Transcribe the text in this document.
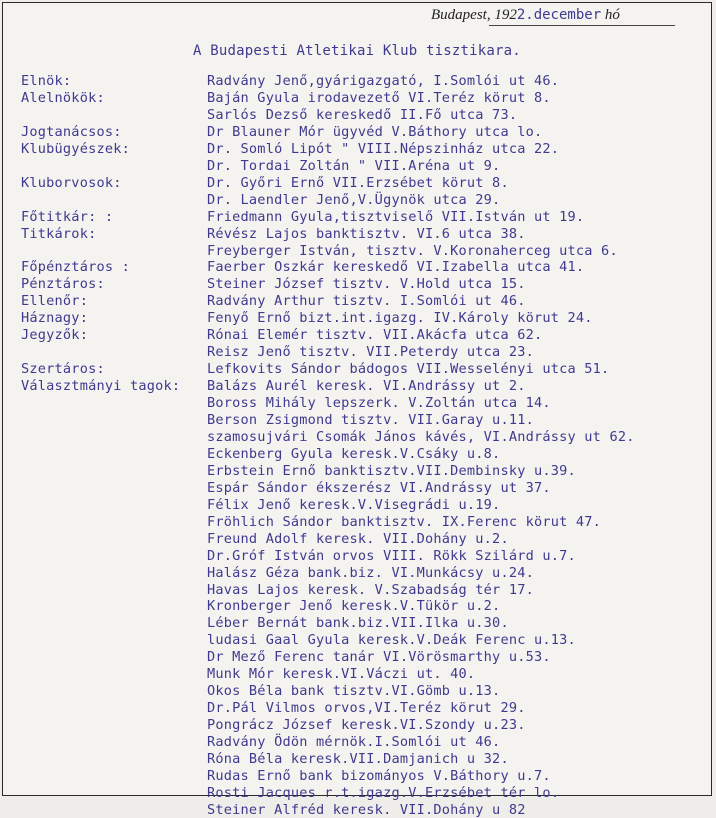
Budapest, 1922.december hó
A Budapesti Atletikai Klub tisztikara.
Elnök:
Alelnökök:
Jogtanácsos:
Klubügyészek:
Kluborvosok:
Főtitkár: :
Titkárok:
Főpénztáros :
Pénztáros:
Ellenőr:
Háznagy:
Jegyzők:
Szertáros:
Választmányi tagok:
Radvány Jenő,gyárigazgató, I.Somlói ut 46.
Baján Gyula irodavezető VI.Teréz körut 8.
Sarlós Dezső kereskedő II.Fő utca 73.
Dr Blauner Mór ügyvéd V.Báthory utca lo.
Dr. Somló Lipót " VIII.Népszinház utca 22.
Dr. Tordai Zoltán " VII.Aréna ut 9.
Dr. Győri Ernő VII.Erzsébet körut 8.
Dr. Laendler Jenő,V.Ügynök utca 29.
Friedmann Gyula,tisztviselő VII.István ut 19.
Révész Lajos banktisztv. VI.6 utca 38.
Freyberger István, tisztv. V.Koronaherceg utca 6.
Faerber Oszkár kereskedő VI.Izabella utca 41.
Steiner József tisztv. V.Hold utca 15.
Radvány Arthur tisztv. I.Somlói ut 46.
Fenyő Ernő bizt.int.igazg. IV.Károly körut 24.
Rónai Elemér tisztv. VII.Akácfa utca 62.
Reisz Jenő tisztv. VII.Peterdy utca 23.
Lefkovits Sándor bádogos VII.Wesselényi utca 51.
Balázs Aurél keresk. VI.Andrássy ut 2.
Boross Mihály lepszerk. V.Zoltán utca 14.
Berson Zsigmond tisztv. VII.Garay u.11.
szamosujvári Csomák János kávés, VI.Andrássy ut 62.
Eckenberg Gyula keresk.V.Csáky u.8.
Erbstein Ernő banktisztv.VII.Dembinsky u.39.
Espár Sándor ékszerész VI.Andrássy ut 37.
Félix Jenő keresk.V.Visegrádi u.19.
Fröhlich Sándor banktisztv. IX.Ferenc körut 47.
Freund Adolf keresk. VII.Dohány u.2.
Dr.Gróf István orvos VIII. Rökk Szilárd u.7.
Halász Géza bank.biz. VI.Munkácsy u.24.
Havas Lajos keresk. V.Szabadság tér 17.
Kronberger Jenő keresk.V.Tükör u.2.
Léber Bernát bank.biz.VII.Ilka u.30.
ludasi Gaal Gyula keresk.V.Deák Ferenc u.13.
Dr Mező Ferenc tanár VI.Vörösmarthy u.53.
Munk Mór keresk.VI.Váczi ut. 40.
Okos Béla bank tisztv.VI.Gömb u.13.
Dr.Pál Vilmos orvos,VI.Teréz körut 29.
Pongrácz József keresk.VI.Szondy u.23.
Radvány Ödön mérnök.I.Somlói ut 46.
Róna Béla keresk.VII.Damjanich u 32.
Rudas Ernő bank bizományos V.Báthory u.7.
Rosti Jacques r.t.igazg.V.Erzsébet tér lo.
Steiner Alfréd keresk. VII.Dohány u 82
